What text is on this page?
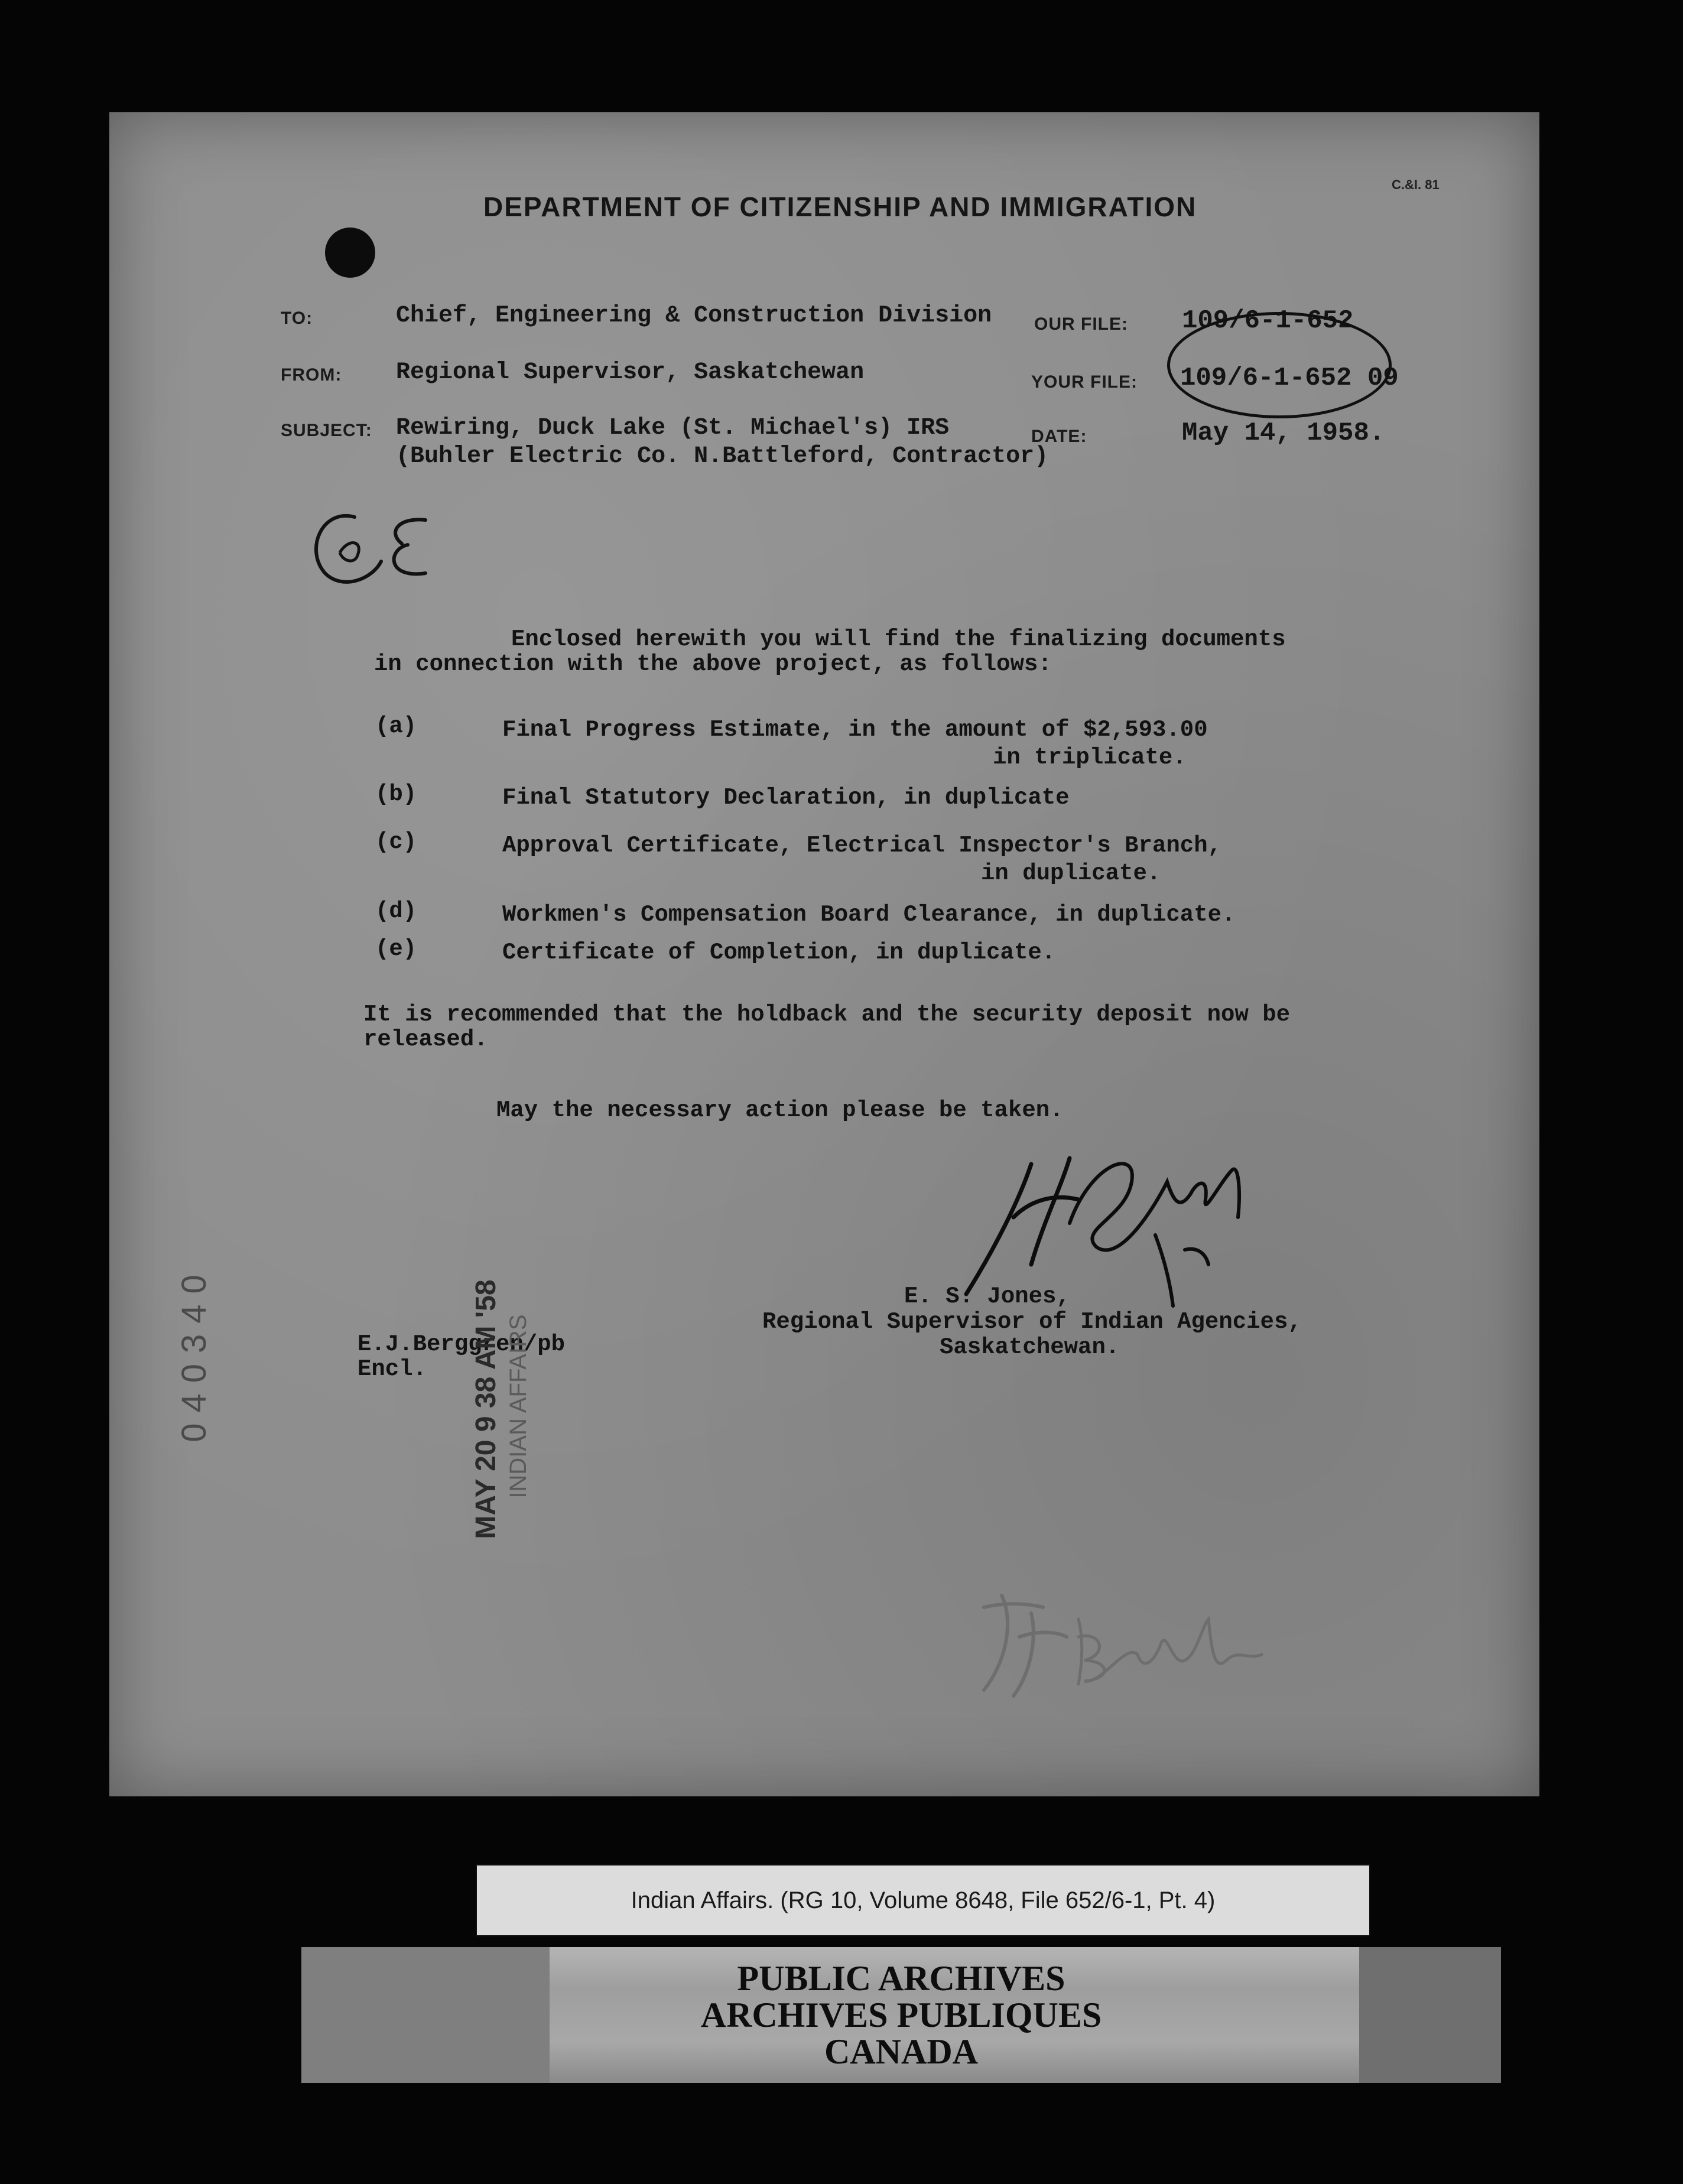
DEPARTMENT OF CITIZENSHIP AND IMMIGRATION
C.&I. 81
TO:	Chief, Engineering & Construction Division
FROM: Regional Supervisor, Saskatchewan
SUBJECT: Rewiring, Duck Lake (St. Michael's) IRS
(Buhler Electric Co. N.Battleford, Contractor)
OUR FILE: 109/6-1-652
YOUR FILE: 109/6-1-652 09
DATE:	May 14, 1958.
Enclosed herewith you will find the finalizing documents
in connection with the above project, as follows:
(a)	Final Progress Estimate, in the amount of $2,593.00
in triplicate.
(b)	Final Statutory Declaration, in duplicate
(c)	Approval Certificate, Electrical Inspector's Branch,
in duplicate.
(d)	Workmen's Compensation Board Clearance, in duplicate.
(e)	Certificate of Completion, in duplicate.
It is recommended that the holdback and the security deposit now be
released.
May the necessary action please be taken.
E. S. Jones,
Regional Supervisor of Indian Agencies,
Saskatchewan.
E.J.Berggren/pb
Encl.
040340	MAY 20 9 38 AM '58 INDIAN AFFAIRS
Indian Affairs. (RG 10, Volume 8648, File 652/6-1, Pt. 4)
PUBLIC ARCHIVES
ARCHIVES PUBLIQUES
CANADA
